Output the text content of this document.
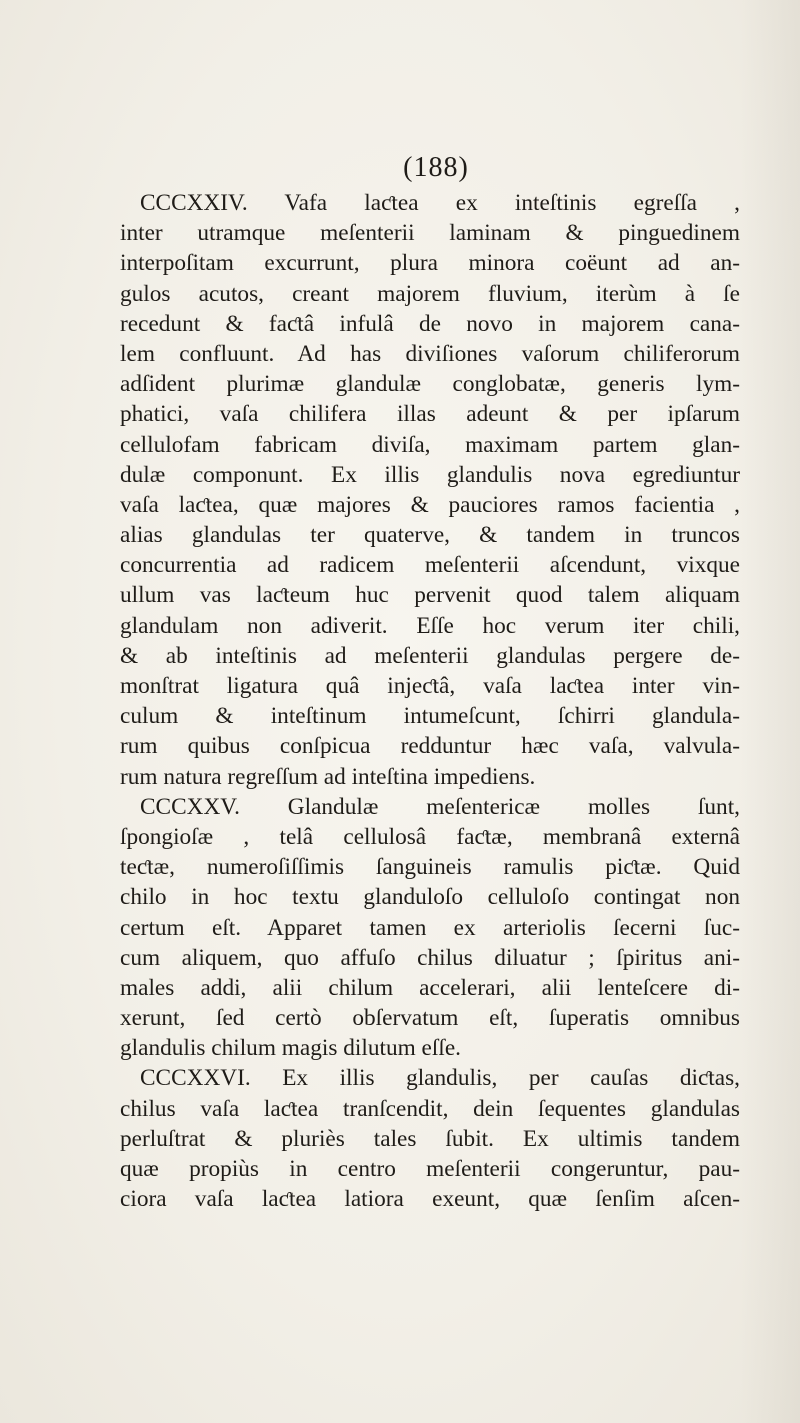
(188)
CCCXXIV. Vafa laƈtea ex inteſtinis egreſſa ,
inter utramque meſenterii laminam & pinguedinem
interpoſitam excurrunt, plura minora coëunt ad an-
gulos acutos, creant majorem fluvium, iterùm à ſe
recedunt & faƈtâ infulâ de novo in majorem cana-
lem confluunt. Ad has diviſiones vaſorum chiliferorum
adſident plurimæ glandulæ conglobatæ, generis lym-
phatici, vaſa chilifera illas adeunt & per ipſarum
cellulofam fabricam diviſa, maximam partem glan-
dulæ componunt. Ex illis glandulis nova egrediuntur
vaſa laƈtea, quæ majores & pauciores ramos facientia ,
alias glandulas ter quaterve, & tandem in truncos
concurrentia ad radicem meſenterii aſcendunt, vixque
ullum vas laƈteum huc pervenit quod talem aliquam
glandulam non adiverit. Eſſe hoc verum iter chili,
& ab inteſtinis ad meſenterii glandulas pergere de-
monſtrat ligatura quâ injeƈtâ, vaſa laƈtea inter vin-
culum & inteſtinum intumeſcunt, ſchirri glandula-
rum quibus conſpicua redduntur hæc vaſa, valvula-
rum natura regreſſum ad inteſtina impediens.
CCCXXV. Glandulæ meſentericæ molles ſunt,
ſpongioſæ , telâ cellulosâ faƈtæ, membranâ externâ
teƈtæ, numeroſiſſimis ſanguineis ramulis piƈtæ. Quid
chilo in hoc textu glanduloſo celluloſo contingat non
certum eſt. Apparet tamen ex arteriolis ſecerni ſuc-
cum aliquem, quo affuſo chilus diluatur ; ſpiritus ani-
males addi, alii chilum accelerari, alii lenteſcere di-
xerunt, ſed certò obſervatum eſt, ſuperatis omnibus
glandulis chilum magis dilutum eſſe.
CCCXXVI. Ex illis glandulis, per cauſas diƈtas,
chilus vaſa laƈtea tranſcendit, dein ſequentes glandulas
perluſtrat & pluriès tales ſubit. Ex ultimis tandem
quæ propiùs in centro meſenterii congeruntur, pau-
ciora vaſa laƈtea latiora exeunt, quæ ſenſim aſcen-
